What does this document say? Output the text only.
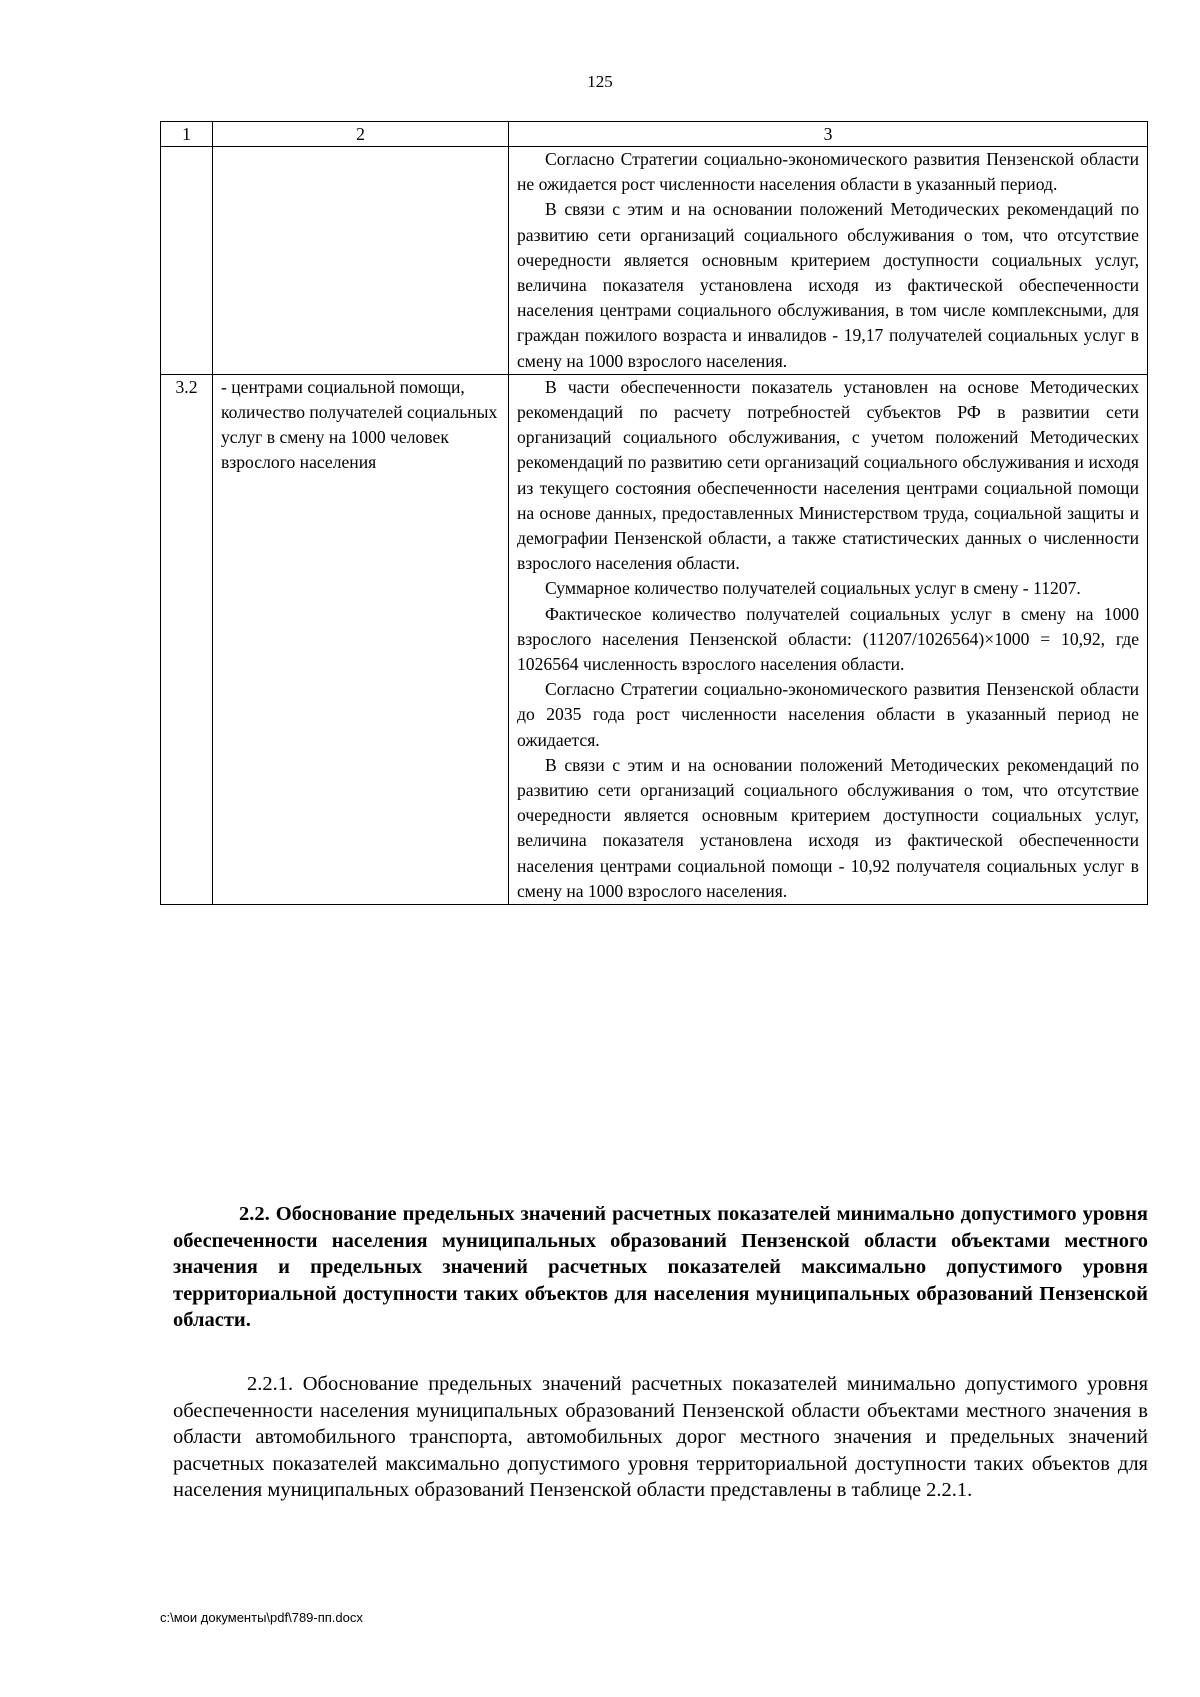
125
1	2	3

		Согласно Стратегии социально-экономического развития Пензенской области не ожидается рост численности населения области в указанный период.

В связи с этим и на основании положений Методических рекомендаций по развитию сети организаций социального обслуживания о том, что отсутствие очередности является основным критерием доступности социальных услуг, величина показателя установлена исходя из фактической обеспеченности населения центрами социального обслуживания, в том числе комплексными, для граждан пожилого возраста и инвалидов - 19,17 получателей социальных услуг в смену на 1000 взрослого населения.

3.2	- центрами социальной помощи, количество получателей социальных услуг в смену на 1000 человек взрослого населения	В части обеспеченности показатель установлен на основе Методических рекомендаций по расчету потребностей субъектов РФ в развитии сети организаций социального обслуживания, с учетом положений Методических рекомендаций по развитию сети организаций социального обслуживания и исходя из текущего состояния обеспеченности населения центрами социальной помощи на основе данных, предоставленных Министерством труда, социальной защиты и демографии Пензенской области, а также статистических данных о численности взрослого населения области.

Суммарное количество получателей социальных услуг в смену - 11207.

Фактическое количество получателей социальных услуг в смену на 1000 взрослого населения Пензенской области: (11207/1026564)×1000 = 10,92, где 1026564 численность взрослого населения области.

Согласно Стратегии социально-экономического развития Пензенской области до 2035 года рост численности населения области в указанный период не ожидается.

В связи с этим и на основании положений Методических рекомендаций по развитию сети организаций социального обслуживания о том, что отсутствие очередности является основным критерием доступности социальных услуг, величина показателя установлена исходя из фактической обеспеченности населения центрами социальной помощи - 10,92 получателя социальных услуг в смену на 1000 взрослого населения.

2.2. Обоснование предельных значений расчетных показателей минимально допустимого уровня обеспеченности населения муниципальных образований Пензенской области объектами местного значения и предельных значений расчетных показателей максимально допустимого уровня территориальной доступности таких объектов для населения муниципальных образований Пензенской области.

2.2.1. Обоснование предельных значений расчетных показателей минимально допустимого уровня обеспеченности населения муниципальных образований Пензенской области объектами местного значения в области автомобильного транспорта, автомобильных дорог местного значения и предельных значений расчетных показателей максимально допустимого уровня территориальной доступности таких объектов для населения муниципальных образований Пензенской области представлены в таблице 2.2.1.

c:\мои документы\pdf\789-пп.docx
